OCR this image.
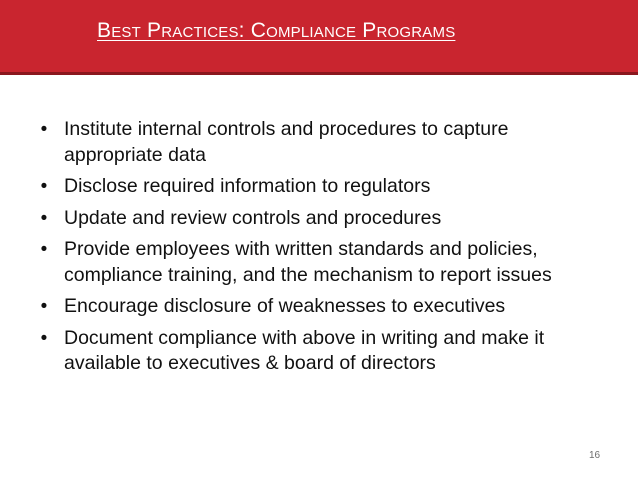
Best Practices: Compliance Programs
• Institute internal controls and procedures to capture appropriate data
• Disclose required information to regulators
• Update and review controls and procedures
• Provide employees with written standards and policies, compliance training, and the mechanism to report issues
• Encourage disclosure of weaknesses to executives
• Document compliance with above in writing and make it available to executives & board of directors
16
